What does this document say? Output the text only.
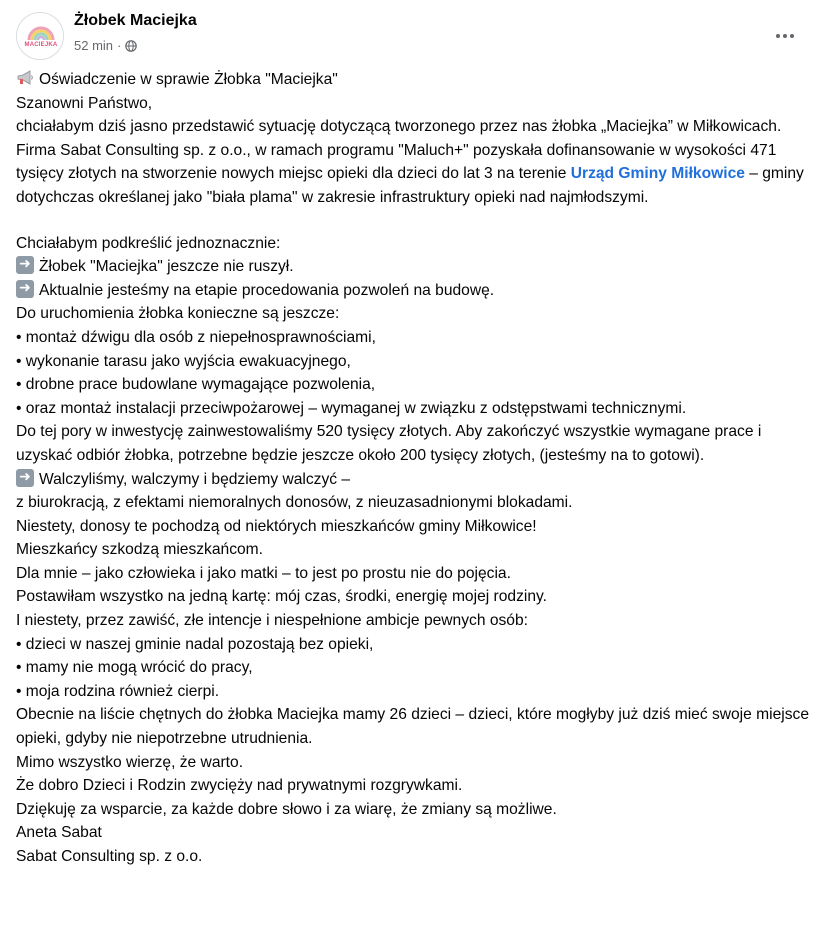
MACIEJKA
Żłobek Maciejka
52 min ·

Oświadczenie w sprawie Żłobka "Maciejka"

Szanowni Państwo,

chciałabym dziś jasno przedstawić sytuację dotyczącą tworzonego przez nas żłobka „Maciejka” w Miłkowicach.

Firma Sabat Consulting sp. z o.o., w ramach programu "Maluch+" pozyskała dofinansowanie w wysokości 471 tysięcy złotych na stworzenie nowych miejsc opieki dla dzieci do lat 3 na terenie Urząd Gminy Miłkowice – gminy dotychczas określanej jako "biała plama" w zakresie infrastruktury opieki nad najmłodszymi.

Chciałabym podkreślić jednoznacznie:

➜Żłobek "Maciejka" jeszcze nie ruszył.

➜Aktualnie jesteśmy na etapie procedowania pozwoleń na budowę.

Do uruchomienia żłobka konieczne są jeszcze:

• montaż dźwigu dla osób z niepełnosprawnościami,

• wykonanie tarasu jako wyjścia ewakuacyjnego,

• drobne prace budowlane wymagające pozwolenia,

• oraz montaż instalacji przeciwpożarowej – wymaganej w związku z odstępstwami technicznymi.

Do tej pory w inwestycję zainwestowaliśmy 520 tysięcy złotych. Aby zakończyć wszystkie wymagane prace i uzyskać odbiór żłobka, potrzebne będzie jeszcze około 200 tysięcy złotych, (jesteśmy na to gotowi).

➜Walczyliśmy, walczymy i będziemy walczyć –

z biurokracją, z efektami niemoralnych donosów, z nieuzasadnionymi blokadami.

Niestety, donosy te pochodzą od niektórych mieszkańców gminy Miłkowice!

Mieszkańcy szkodzą mieszkańcom.

Dla mnie – jako człowieka i jako matki – to jest po prostu nie do pojęcia.

Postawiłam wszystko na jedną kartę: mój czas, środki, energię mojej rodziny.

I niestety, przez zawiść, złe intencje i niespełnione ambicje pewnych osób:

• dzieci w naszej gminie nadal pozostają bez opieki,

• mamy nie mogą wrócić do pracy,

• moja rodzina również cierpi.

Obecnie na liście chętnych do żłobka Maciejka mamy 26 dzieci – dzieci, które mogłyby już dziś mieć swoje miejsce opieki, gdyby nie niepotrzebne utrudnienia.

Mimo wszystko wierzę, że warto.

Że dobro Dzieci i Rodzin zwycięży nad prywatnymi rozgrywkami.

Dziękuję za wsparcie, za każde dobre słowo i za wiarę, że zmiany są możliwe.

Aneta Sabat

Sabat Consulting sp. z o.o.
